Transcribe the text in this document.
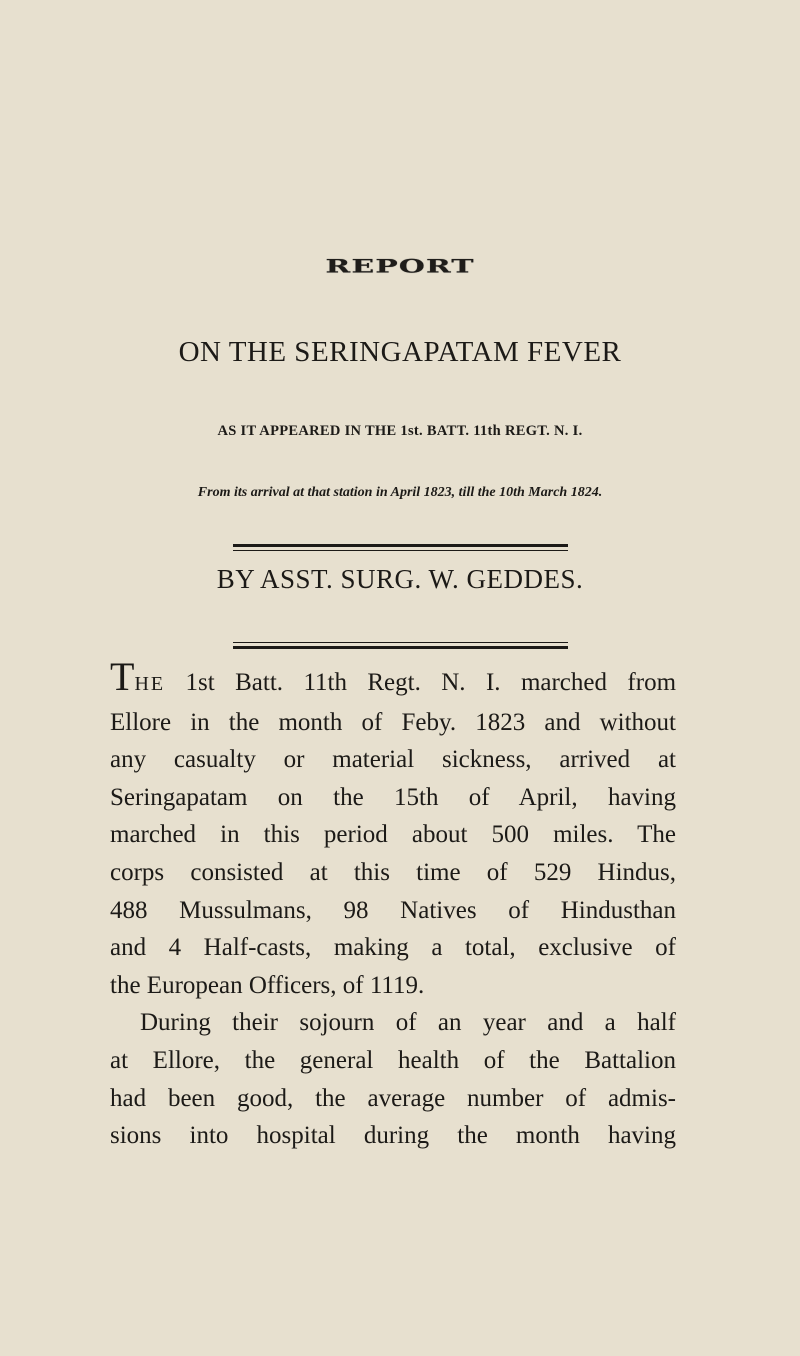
REPORT
ON THE SERINGAPATAM FEVER
AS IT APPEARED IN THE 1st. BATT. 11th REGT. N. I.
From its arrival at that station in April 1823, till the 10th March 1824.
BY ASST. SURG. W. GEDDES.
THE 1st Batt. 11th Regt. N. I. marched from
Ellore in the month of Feby. 1823 and without
any casualty or material sickness, arrived at
Seringapatam on the 15th of April, having
marched in this period about 500 miles. The
corps consisted at this time of 529 Hindus,
488 Mussulmans, 98 Natives of Hindusthan
and 4 Half-casts, making a total, exclusive of
the European Officers, of 1119.
During their sojourn of an year and a half
at Ellore, the general health of the Battalion
had been good, the average number of admis-
sions into hospital during the month having
